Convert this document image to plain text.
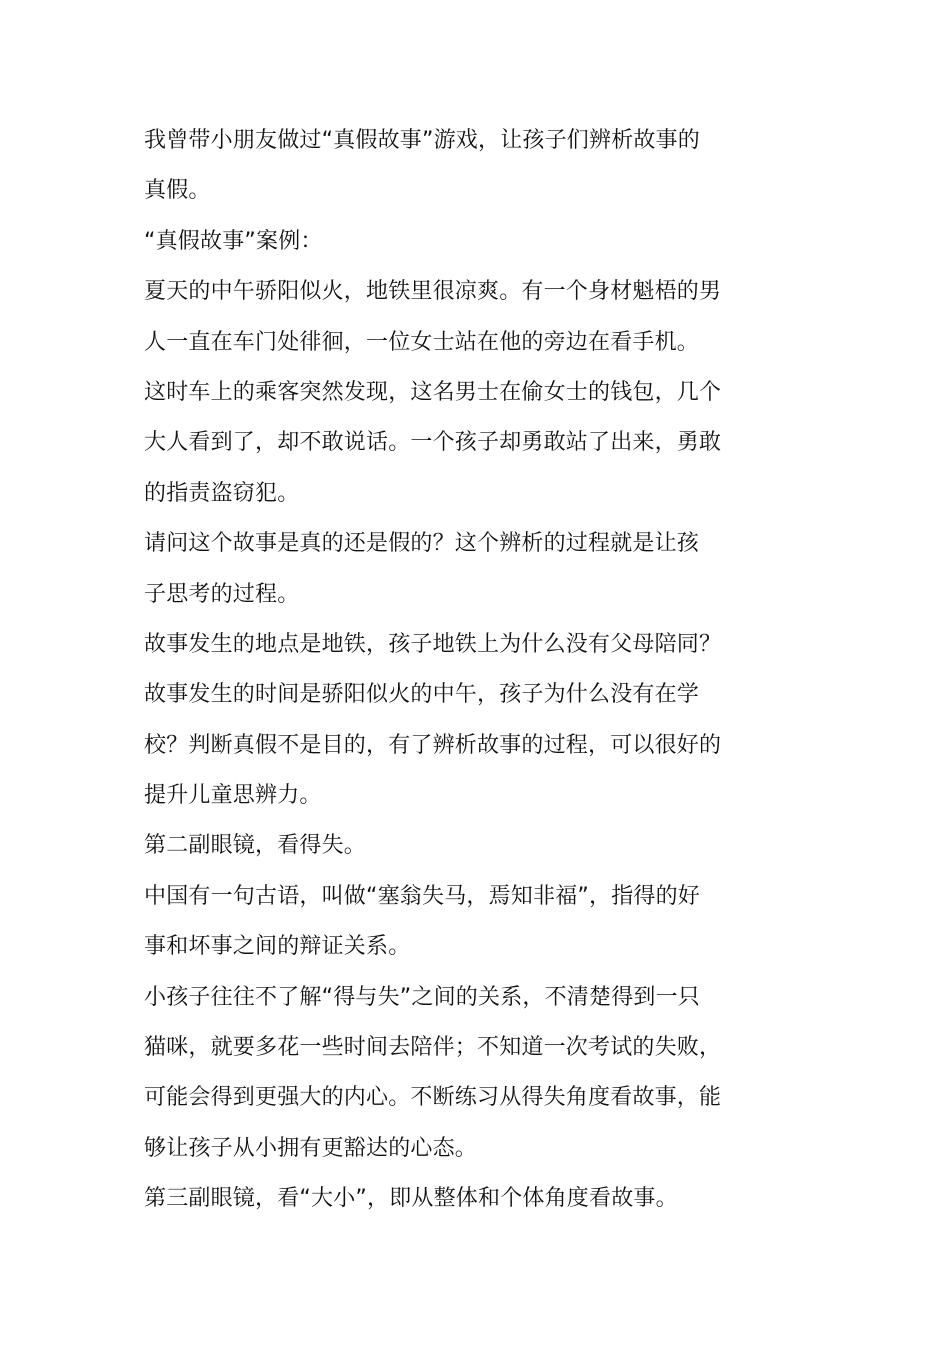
我曾带小朋友做过“真假故事”游戏，让孩子们辨析故事的
真假。
“真假故事”案例：
夏天的中午骄阳似火，地铁里很凉爽。有一个身材魁梧的男
人一直在车门处徘徊，一位女士站在他的旁边在看手机。
这时车上的乘客突然发现，这名男士在偷女士的钱包，几个
大人看到了，却不敢说话。一个孩子却勇敢站了出来，勇敢
的指责盗窃犯。
请问这个故事是真的还是假的？这个辨析的过程就是让孩
子思考的过程。
故事发生的地点是地铁，孩子地铁上为什么没有父母陪同？
故事发生的时间是骄阳似火的中午，孩子为什么没有在学
校？判断真假不是目的，有了辨析故事的过程，可以很好的
提升儿童思辨力。
第二副眼镜，看得失。
中国有一句古语，叫做“塞翁失马，焉知非福”，指得的好
事和坏事之间的辩证关系。
小孩子往往不了解“得与失”之间的关系，不清楚得到一只
猫咪，就要多花一些时间去陪伴；不知道一次考试的失败，
可能会得到更强大的内心。不断练习从得失角度看故事，能
够让孩子从小拥有更豁达的心态。
第三副眼镜，看“大小”，即从整体和个体角度看故事。
